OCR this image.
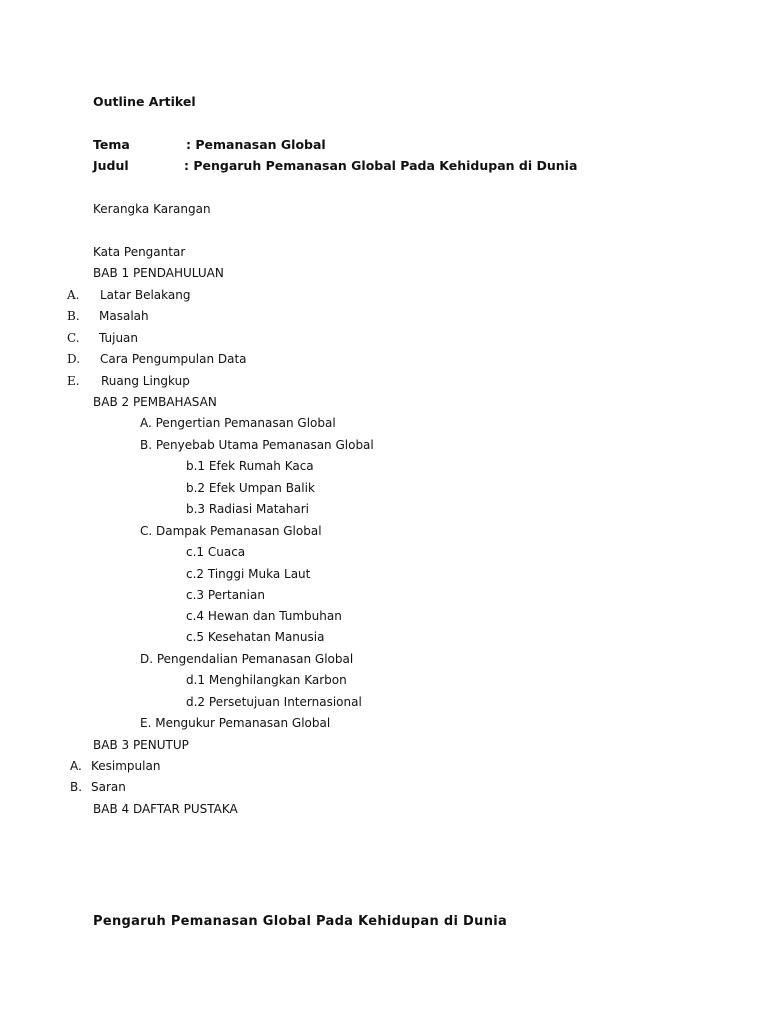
Outline Artikel
Tema	: Pemanasan Global
Judul	: Pengaruh Pemanasan Global Pada Kehidupan di Dunia
Kerangka Karangan
Kata Pengantar
BAB 1 PENDAHULUAN
A. Latar Belakang
B. Masalah
C. Tujuan
D. Cara Pengumpulan Data
E. Ruang Lingkup
BAB 2 PEMBAHASAN
A. Pengertian Pemanasan Global
B. Penyebab Utama Pemanasan Global
b.1 Efek Rumah Kaca
b.2 Efek Umpan Balik
b.3 Radiasi Matahari
C. Dampak Pemanasan Global
c.1 Cuaca
c.2 Tinggi Muka Laut
c.3 Pertanian
c.4 Hewan dan Tumbuhan
c.5 Kesehatan Manusia
D. Pengendalian Pemanasan Global
d.1 Menghilangkan Karbon
d.2 Persetujuan Internasional
E. Mengukur Pemanasan Global
BAB 3 PENUTUP
A. Kesimpulan
B. Saran
BAB 4 DAFTAR PUSTAKA
Pengaruh Pemanasan Global Pada Kehidupan di Dunia
